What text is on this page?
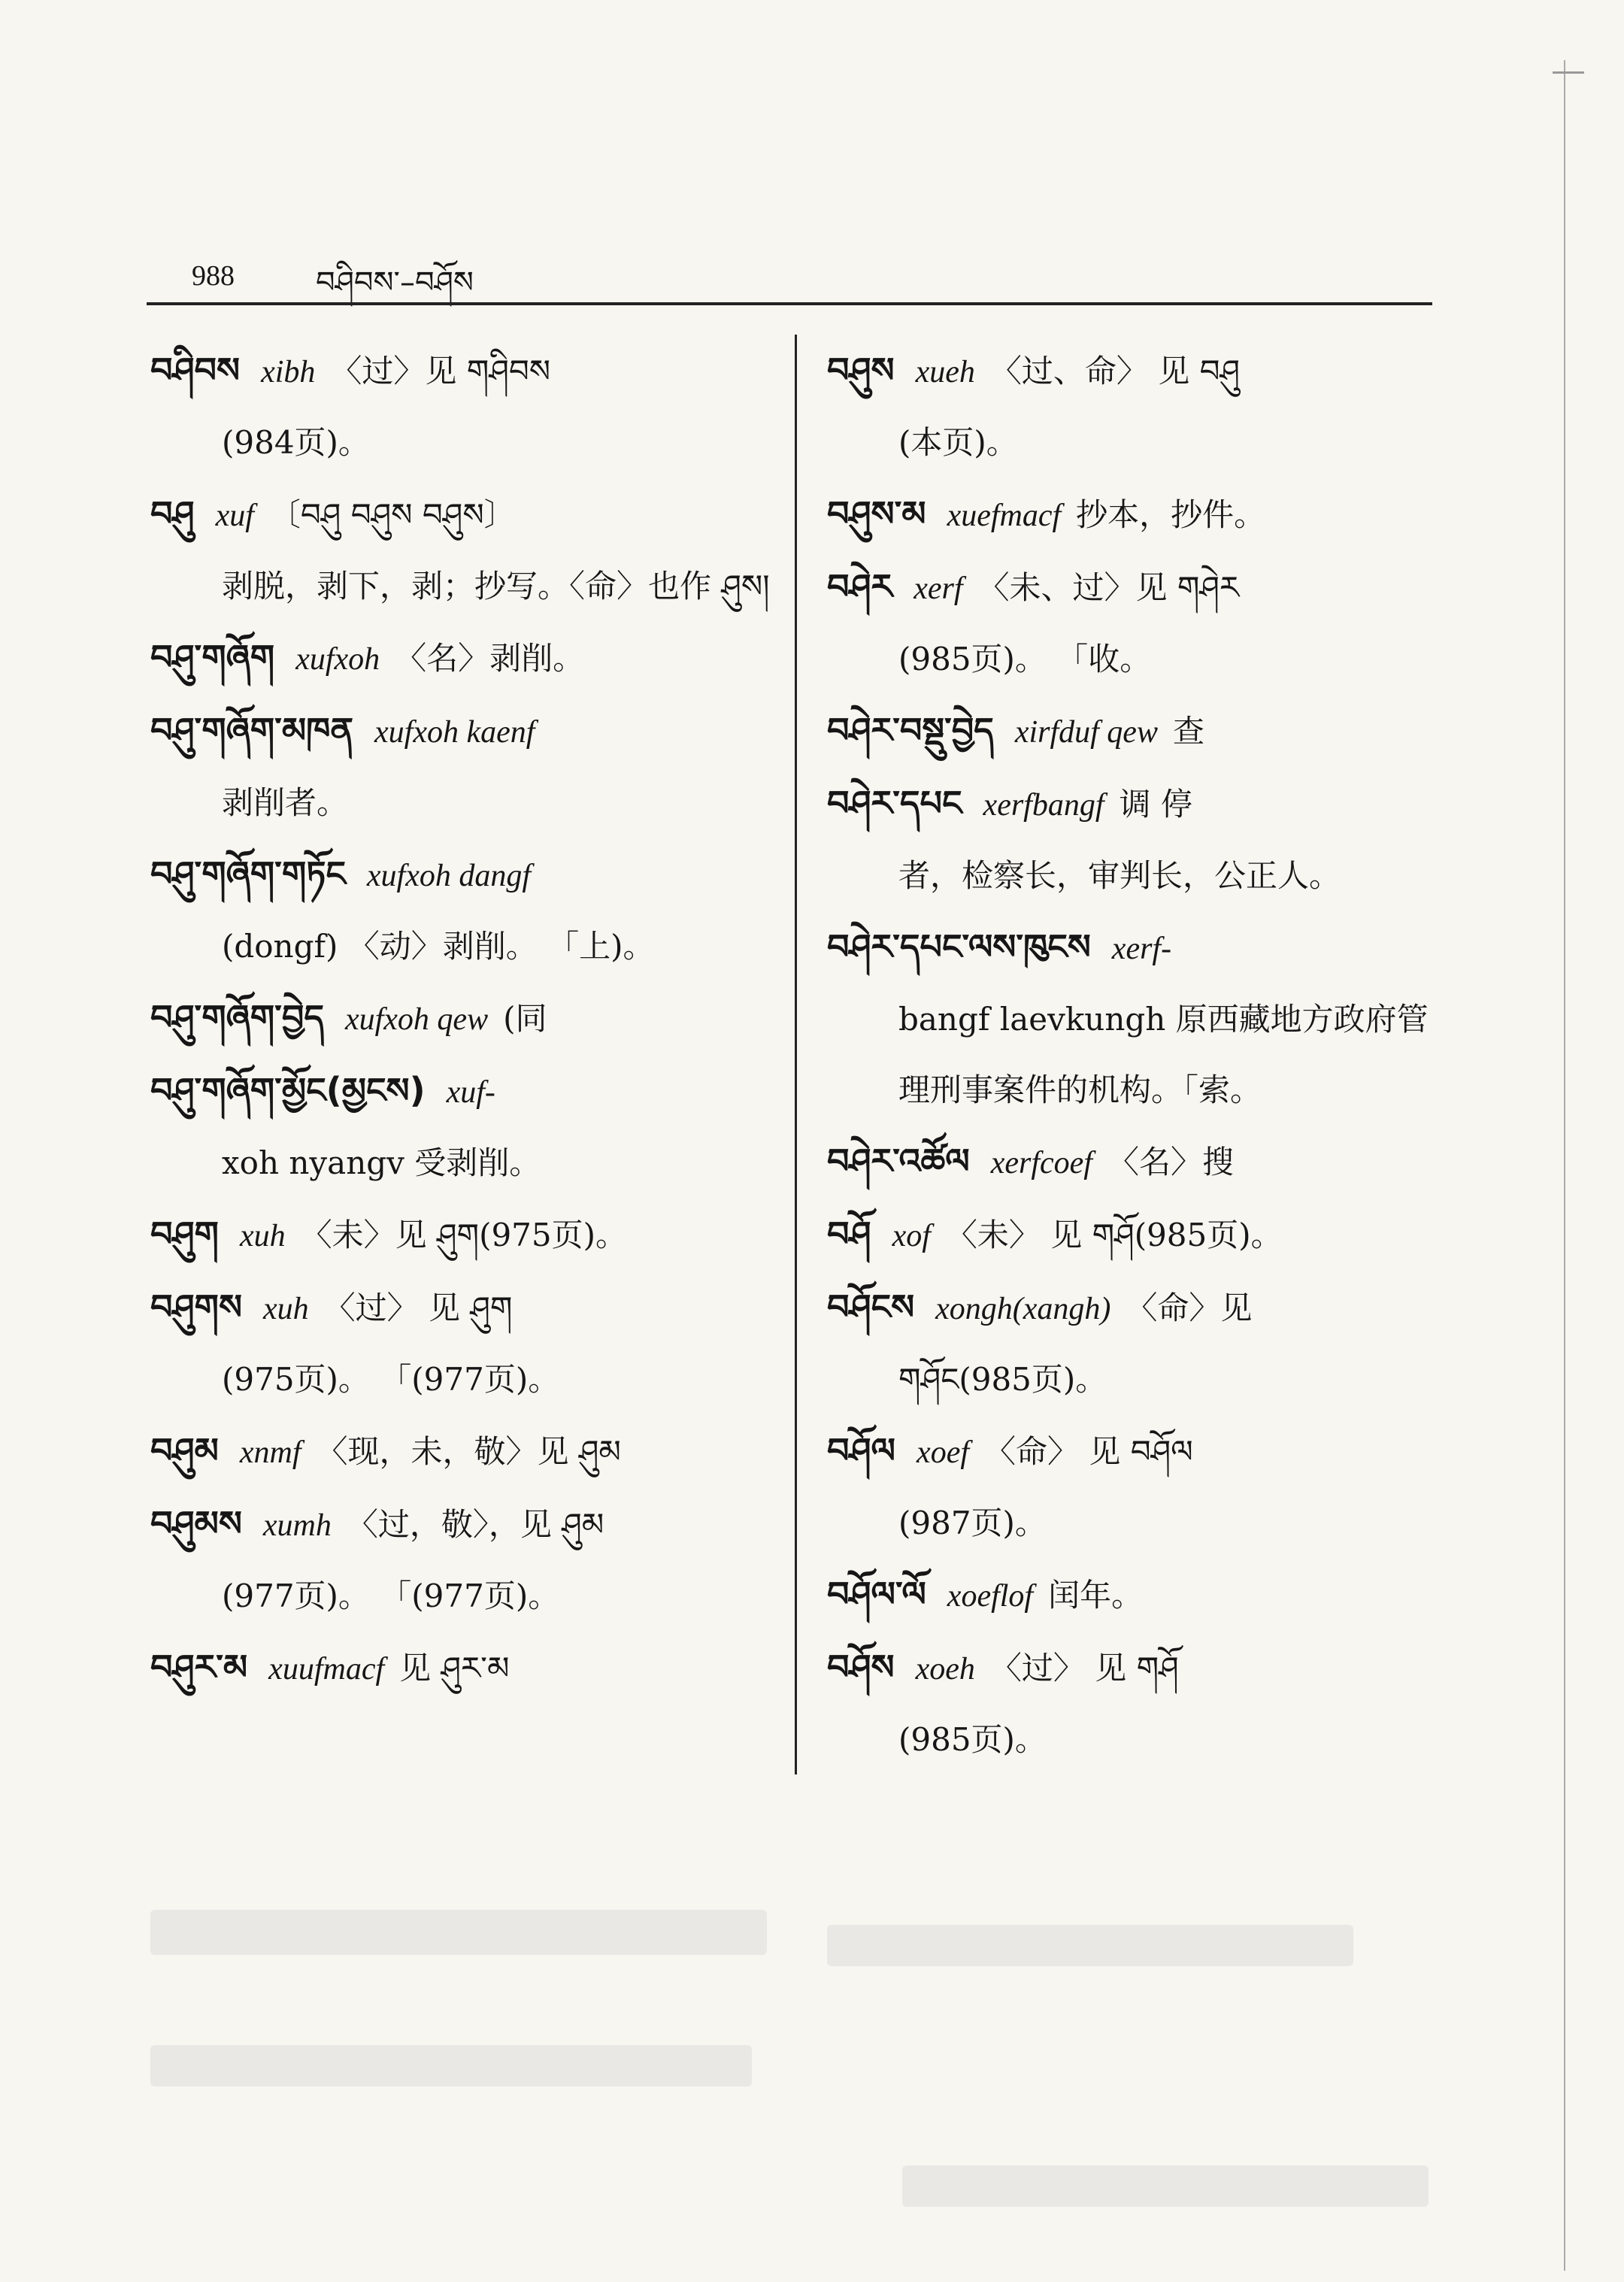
988	བཤིབས་–བཤོས

བཤིབས xibh 〈过〉见 གཤིབས
(984页)。

བཤུ xuf 〔བཤུ བཤུས བཤུས〕
剥脱，剥下，剥；抄写。〈命〉也作 ཤུས།

བཤུ་གཞོག xufxoh 〈名〉剥削。

བཤུ་གཞོག་མཁན xufxoh kaenf
剥削者。

བཤུ་གཞོག་གཏོང xufxoh dangf
(dongf) 〈动〉剥削。 「上)。

བཤུ་གཞོག་བྱེད xufxoh qew (同

བཤུ་གཞོག་མྱོང(མྱངས) xuf-
xoh nyangv 受剥削。

བཤུག xuh 〈未〉见 ཤུག(975页)。

བཤུགས xuh 〈过〉 见 ཤུག
(975页)。 「(977页)。

བཤུམ xnmf 〈现，未，敬〉见 ཤུམ

བཤུམས xumh 〈过，敬〉，见 ཤུམ
(977页)。 「(977页)。

བཤུར་མ xuufmacf 见 ཤུར་མ

བཤུས xueh 〈过、命〉 见 བཤུ
(本页)。

བཤུས་མ xuefmacf 抄本，抄件。

བཤེར xerf 〈未、过〉见 གཤེར
(985页)。 「收。

བཤེར་བསྡུ་བྱེད xirfduf qew 查

བཤེར་དཔང xerfbangf 调 停
者，检察长，审判长，公正人。

བཤེར་དཔང་ལས་ཁུངས xerf-
bangf laevkungh 原西藏地方政府管理刑事案件的机构。「索。

བཤེར་འཚོལ xerfcoef 〈名〉搜

བཤོ xof 〈未〉 见 གཤོ(985页)。

བཤོངས xongh(xangh) 〈命〉见
གཤོང(985页)。

བཤོལ xoef 〈命〉 见 བཤོལ
(987页)。

བཤོལ་ལོ xoeflof 闰年。

བཤོས xoeh 〈过〉 见 གཤོ
(985页)。
